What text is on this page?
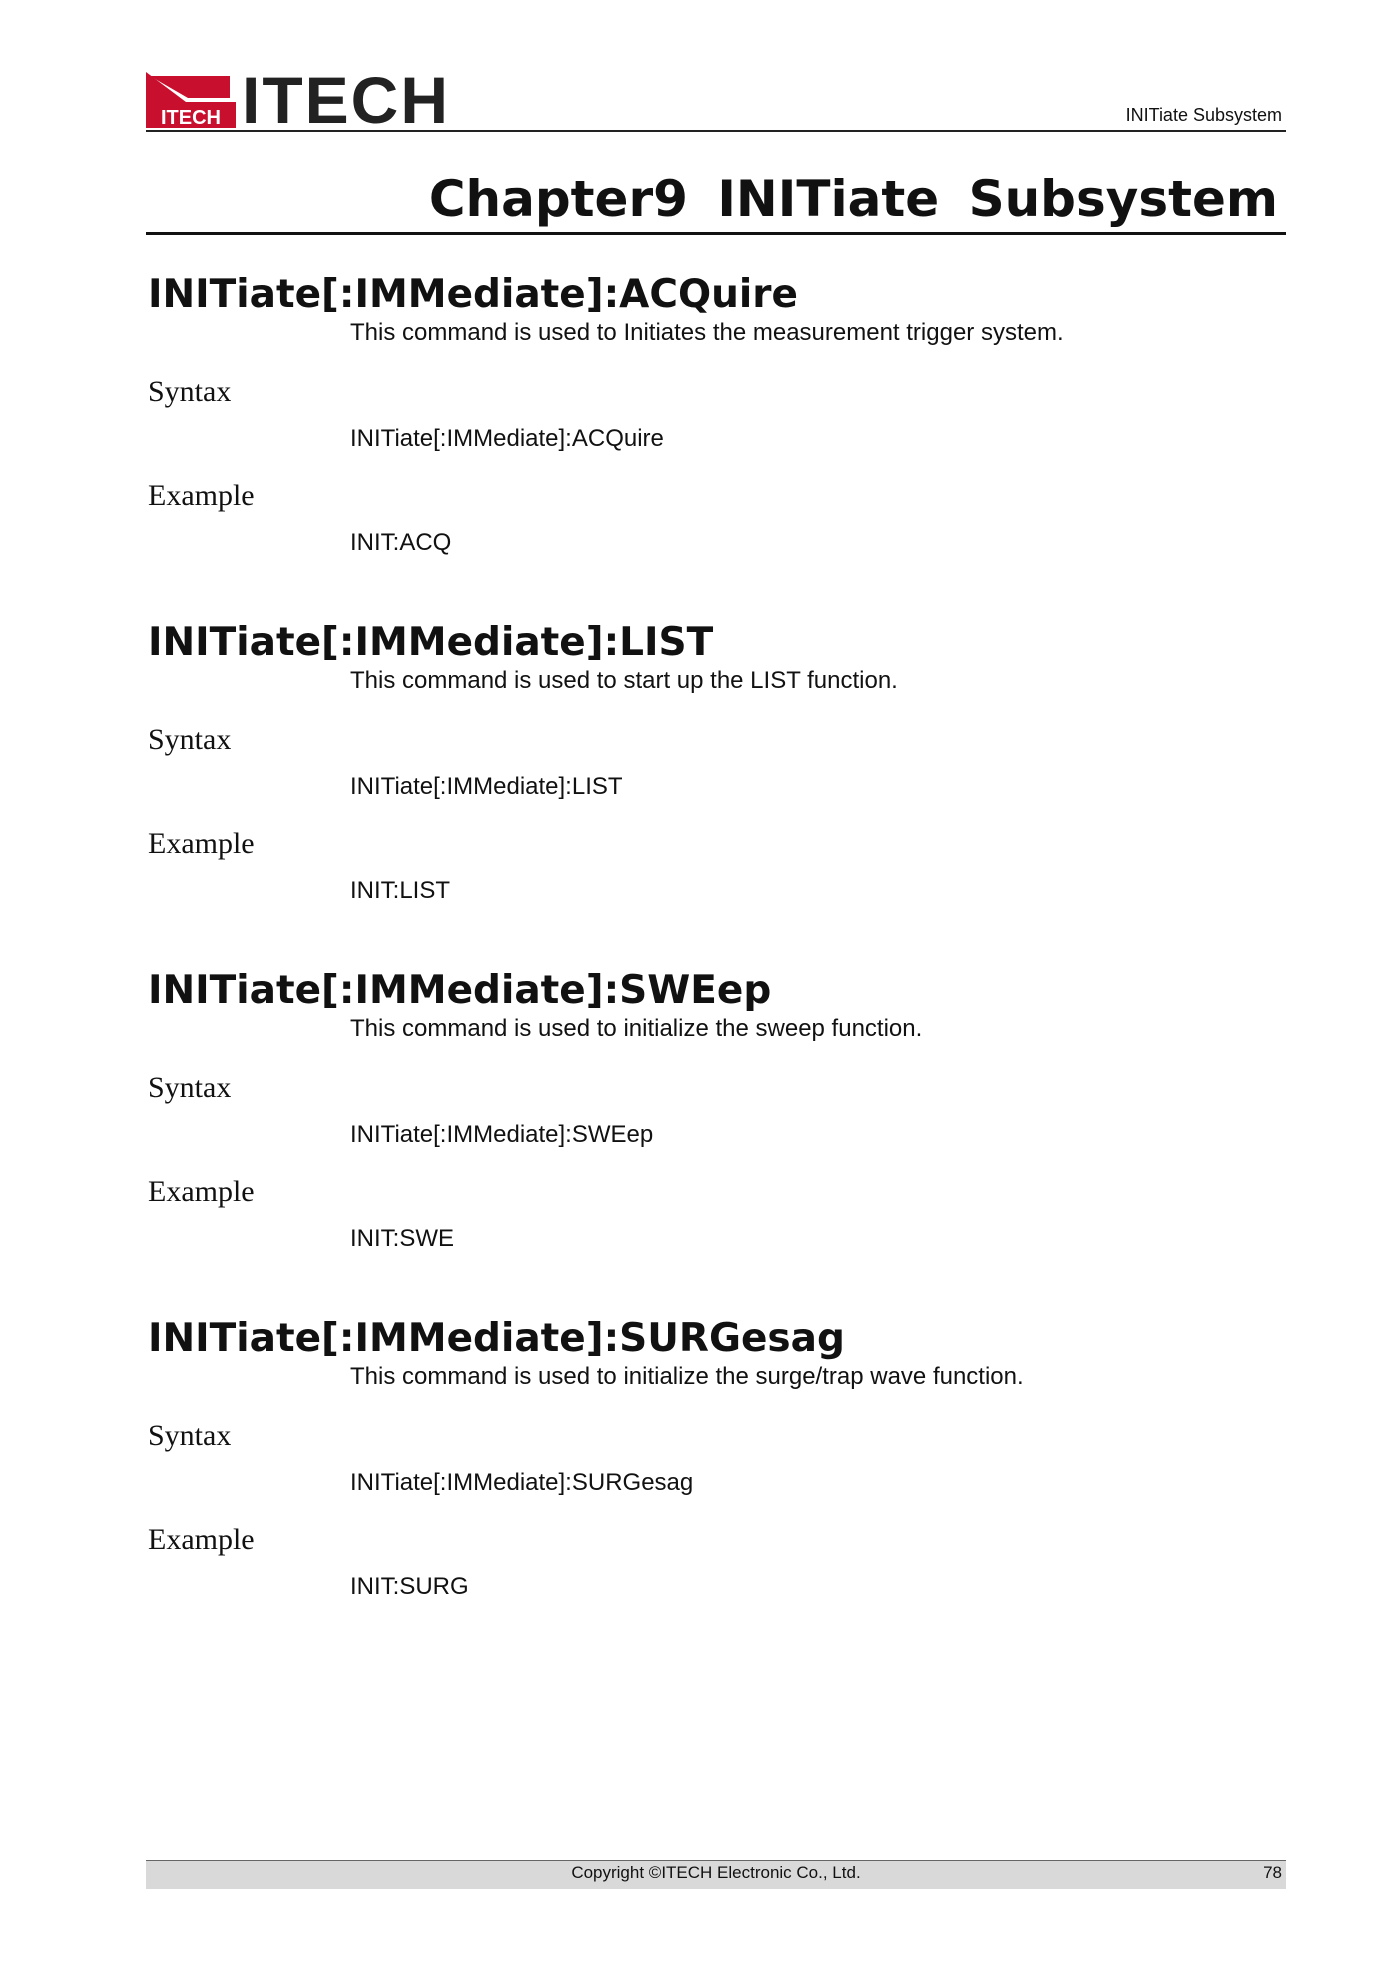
ITECH ITECH	INITiate Subsystem
Chapter9 INITiate Subsystem
INITiate[:IMMediate]:ACQuire

This command is used to Initiates the measurement trigger system.

Syntax

INITiate[:IMMediate]:ACQuire

Example

INIT:ACQ

INITiate[:IMMediate]:LIST

This command is used to start up the LIST function.

Syntax

INITiate[:IMMediate]:LIST

Example

INIT:LIST

INITiate[:IMMediate]:SWEep

This command is used to initialize the sweep function.

Syntax

INITiate[:IMMediate]:SWEep

Example

INIT:SWE

INITiate[:IMMediate]:SURGesag

This command is used to initialize the surge/trap wave function.

Syntax

INITiate[:IMMediate]:SURGesag

Example

INIT:SURG

Copyright ©ITECH Electronic Co., Ltd.	78
